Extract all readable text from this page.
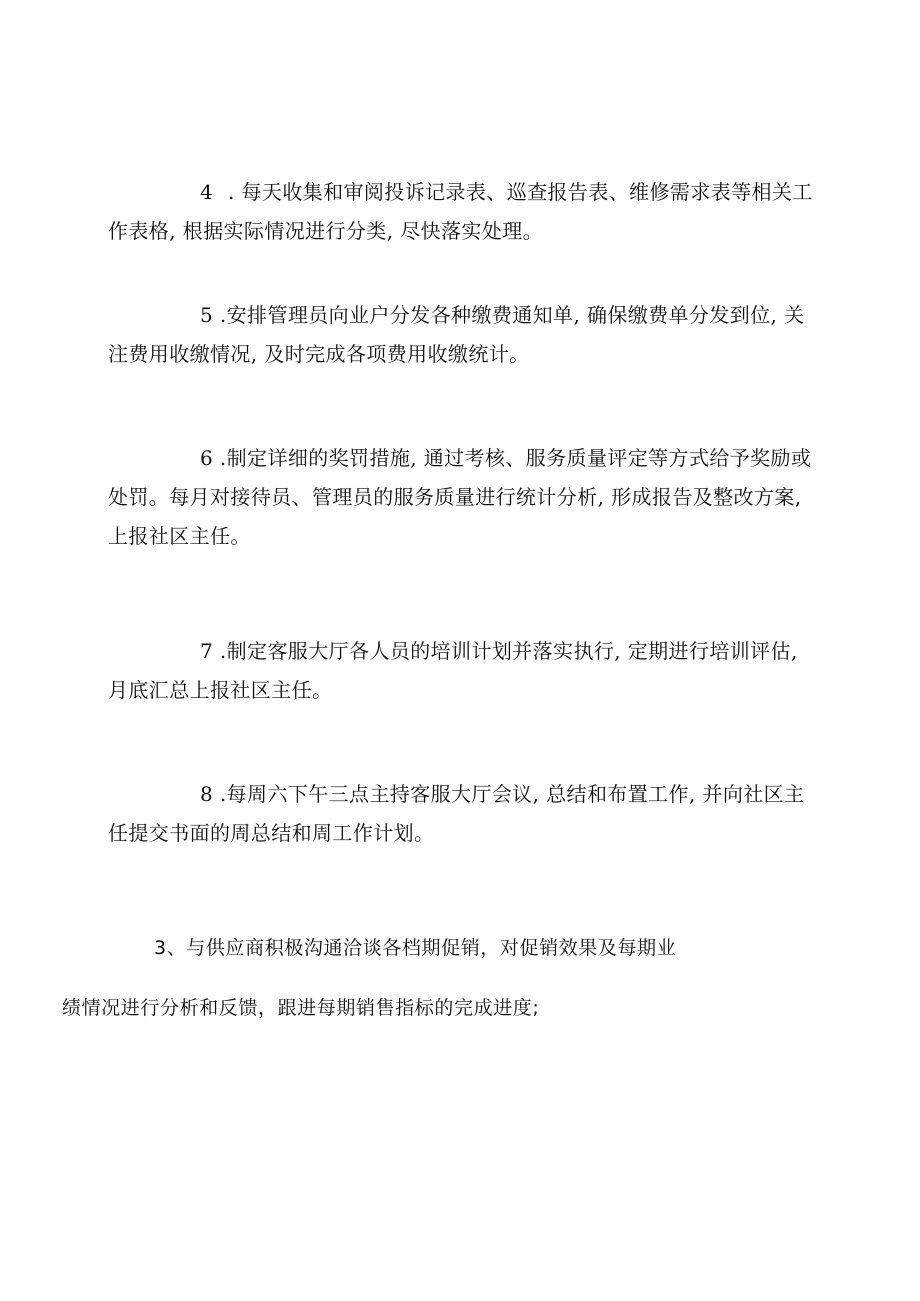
4 . 每天收集和审阅投诉记录表、巡查报告表、维修需求表等相关工作表格, 根据实际情况进行分类, 尽快落实处理。

5 .安排管理员向业户分发各种缴费通知单, 确保缴费单分发到位, 关注费用收缴情况, 及时完成各项费用收缴统计。

6 .制定详细的奖罚措施, 通过考核、服务质量评定等方式给予奖励或处罚。每月对接待员、管理员的服务质量进行统计分析, 形成报告及整改方案, 上报社区主任。

7 .制定客服大厅各人员的培训计划并落实执行, 定期进行培训评估, 月底汇总上报社区主任。

8 .每周六下午三点主持客服大厅会议, 总结和布置工作, 并向社区主任提交书面的周总结和周工作计划。

3、与供应商积极沟通洽谈各档期促销，对促销效果及每期业
绩情况进行分析和反馈，跟进每期销售指标的完成进度;
